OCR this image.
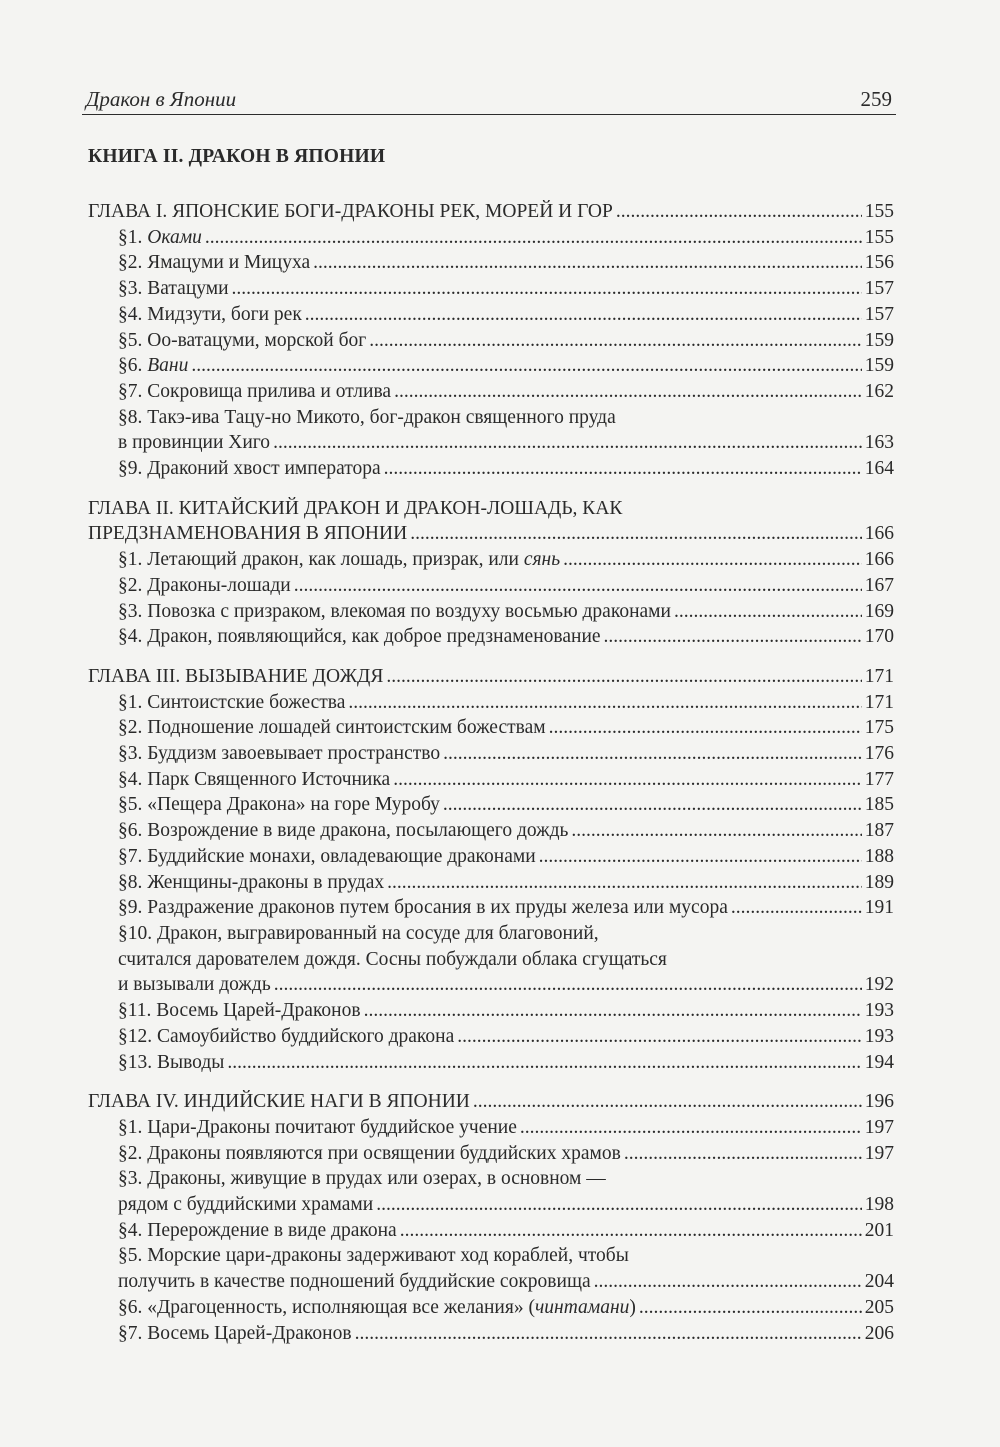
Дракон в Японии	259
КНИГА II. ДРАКОН В ЯПОНИИ
ГЛАВА I. ЯПОНСКИЕ БОГИ-ДРАКОНЫ РЕК, МОРЕЙ И ГОР .....	155
§1. Оками .....	155
§2. Ямацуми и Мицуха .....	156
§3. Ватацуми .....	157
§4. Мидзути, боги рек .....	157
§5. Оо-ватацуми, морской бог .....	159
§6. Вани .....	159
§7. Сокровища прилива и отлива .....	162
§8. Такэ-ива Тацу-но Микото, бог-дракон священного пруда
в провинции Хиго .....	163
§9. Драконий хвост императора .....	164
ГЛАВА II. КИТАЙСКИЙ ДРАКОН И ДРАКОН-ЛОШАДЬ, КАК
ПРЕДЗНАМЕНОВАНИЯ В ЯПОНИИ .....	166
§1. Летающий дракон, как лошадь, призрак, или сянь .....	166
§2. Драконы-лошади .....	167
§3. Повозка с призраком, влекомая по воздуху восьмью драконами .....	169
§4. Дракон, появляющийся, как доброе предзнаменование .....	170
ГЛАВА III. ВЫЗЫВАНИЕ ДОЖДЯ .....	171
§1. Синтоистские божества .....	171
§2. Подношение лошадей синтоистским божествам .....	175
§3. Буддизм завоевывает пространство .....	176
§4. Парк Священного Источника .....	177
§5. «Пещера Дракона» на горе Муробу .....	185
§6. Возрождение в виде дракона, посылающего дождь .....	187
§7. Буддийские монахи, овладевающие драконами .....	188
§8. Женщины-драконы в прудах .....	189
§9. Раздражение драконов путем бросания в их пруды железа или мусора .....	191
§10. Дракон, выгравированный на сосуде для благовоний,
считался дарователем дождя. Сосны побуждали облака сгущаться
и вызывали дождь .....	192
§11. Восемь Царей-Драконов .....	193
§12. Самоубийство буддийского дракона .....	193
§13. Выводы .....	194
ГЛАВА IV. ИНДИЙСКИЕ НАГИ В ЯПОНИИ .....	196
§1. Цари-Драконы почитают буддийское учение .....	197
§2. Драконы появляются при освящении буддийских храмов .....	197
§3. Драконы, живущие в прудах или озерах, в основном —
рядом с буддийскими храмами .....	198
§4. Перерождение в виде дракона .....	201
§5. Морские цари-драконы задерживают ход кораблей, чтобы
получить в качестве подношений буддийские сокровища .....	204
§6. «Драгоценность, исполняющая все желания» (чинтамани) .....	205
§7. Восемь Царей-Драконов .....	206
